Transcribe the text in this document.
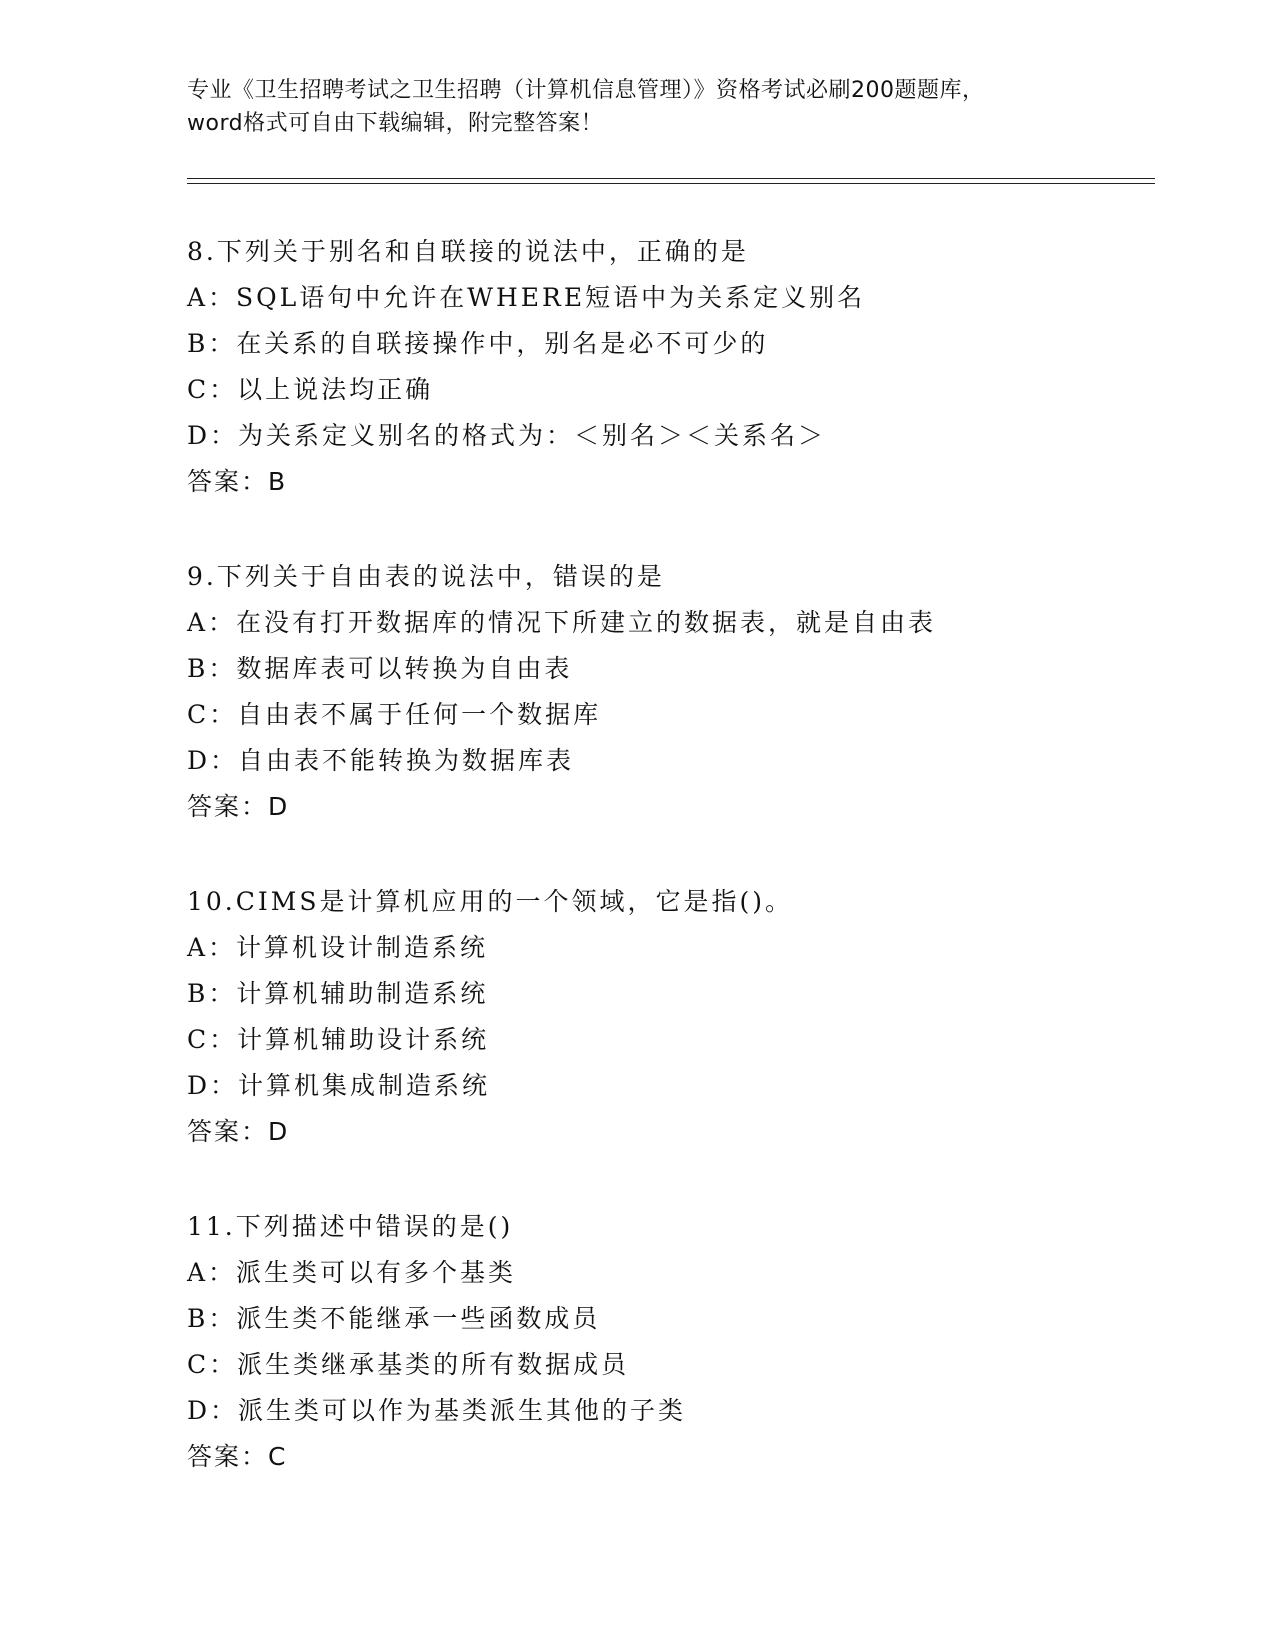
专业《卫生招聘考试之卫生招聘（计算机信息管理）》资格考试必刷200题题库，
word格式可自由下载编辑，附完整答案！
8.下列关于别名和自联接的说法中，正确的是
A：SQL语句中允许在WHERE短语中为关系定义别名
B：在关系的自联接操作中，别名是必不可少的
C：以上说法均正确
D：为关系定义别名的格式为：＜别名＞＜关系名＞
答案：B
9.下列关于自由表的说法中，错误的是
A：在没有打开数据库的情况下所建立的数据表，就是自由表
B：数据库表可以转换为自由表
C：自由表不属于任何一个数据库
D：自由表不能转换为数据库表
答案：D
10.CIMS是计算机应用的一个领域，它是指()。
A：计算机设计制造系统
B：计算机辅助制造系统
C：计算机辅助设计系统
D：计算机集成制造系统
答案：D
11.下列描述中错误的是()
A：派生类可以有多个基类
B：派生类不能继承一些函数成员
C：派生类继承基类的所有数据成员
D：派生类可以作为基类派生其他的子类
答案：C
